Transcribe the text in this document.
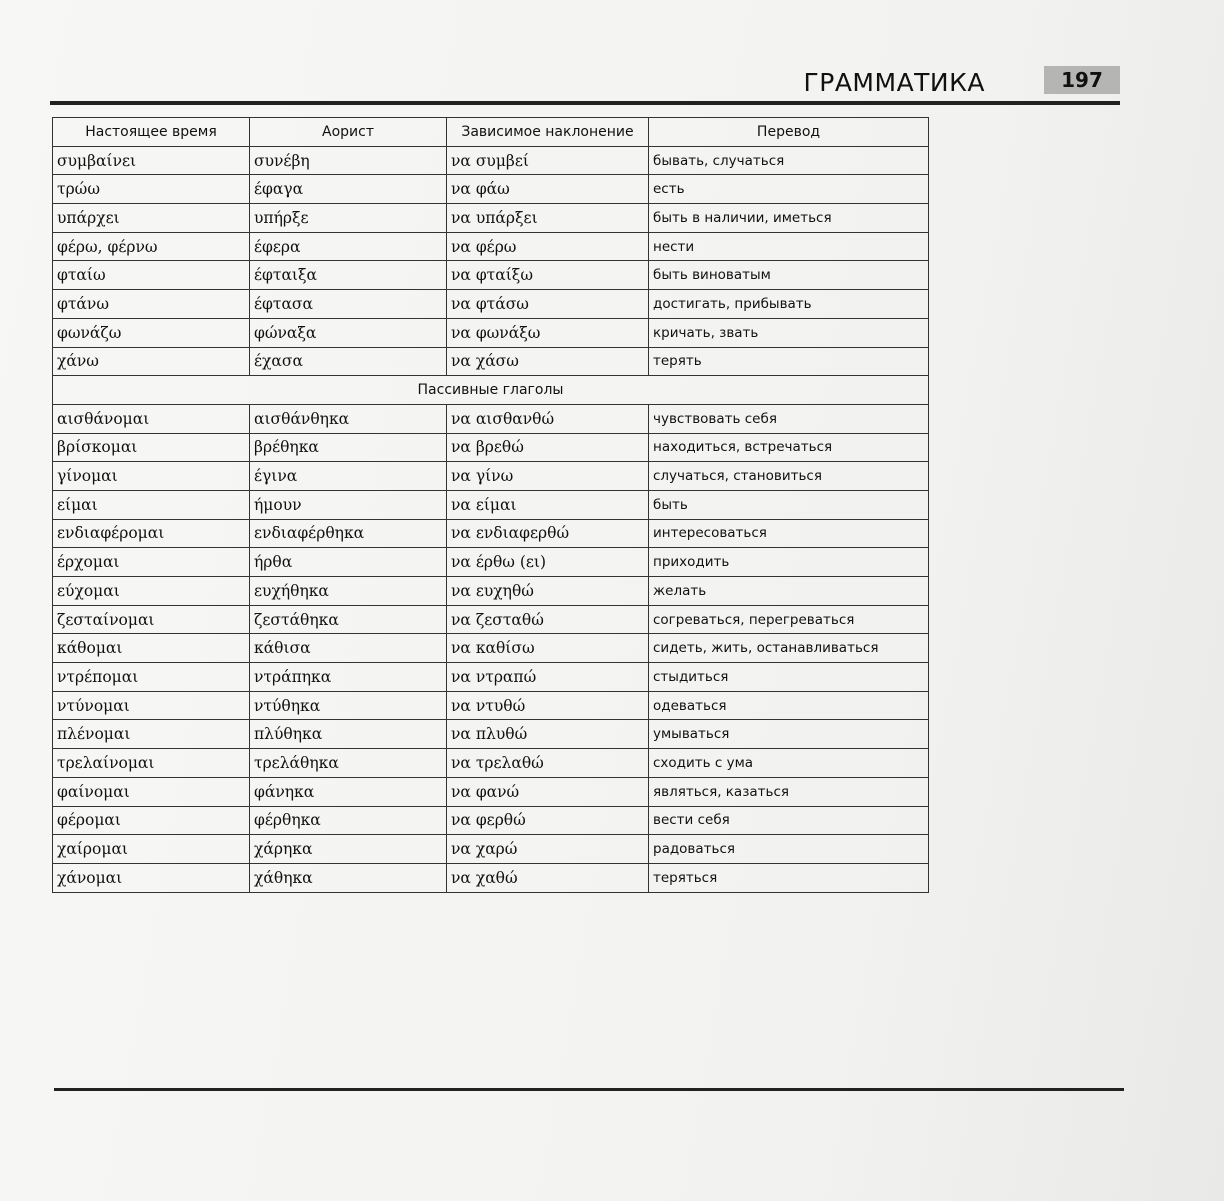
ГРАММАТИКА	197
Настоящее время	Аорист	Зависимое наклонение	Перевод
συμβαίνει	συνέβη	να συμβεί	бывать, случаться
τρώω	έφαγα	να φάω	есть
υπάρχει	υπήρξε	να υπάρξει	быть в наличии, иметься
φέρω, φέρνω	έφερα	να φέρω	нести
φταίω	έφταιξα	να φταίξω	быть виноватым
φτάνω	έφτασα	να φτάσω	достигать, прибывать
φωνάζω	φώναξα	να φωνάξω	кричать, звать
χάνω	έχασα	να χάσω	терять
Пассивные глаголы			
αισθάνομαι	αισθάνθηκα	να αισθανθώ	чувствовать себя
βρίσκομαι	βρέθηκα	να βρεθώ	находиться, встречаться
γίνομαι	έγινα	να γίνω	случаться, становиться
είμαι	ήμουν	να είμαι	быть
ενδιαφέρομαι	ενδιαφέρθηκα	να ενδιαφερθώ	интересоваться
έρχομαι	ήρθα	να έρθω (ει)	приходить
εύχομαι	ευχήθηκα	να ευχηθώ	желать
ζεσταίνομαι	ζεστάθηκα	να ζεσταθώ	согреваться, перегреваться
κάθομαι	κάθισα	να καθίσω	сидеть, жить, останавливаться
ντρέπομαι	ντράπηκα	να ντραπώ	стыдиться
ντύνομαι	ντύθηκα	να ντυθώ	одеваться
πλένομαι	πλύθηκα	να πλυθώ	умываться
τρελαίνομαι	τρελάθηκα	να τρελαθώ	сходить с ума
φαίνομαι	φάνηκα	να φανώ	являться, казаться
φέρομαι	φέρθηκα	να φερθώ	вести себя
χαίρομαι	χάρηκα	να χαρώ	радоваться
χάνομαι	χάθηκα	να χαθώ	теряться
